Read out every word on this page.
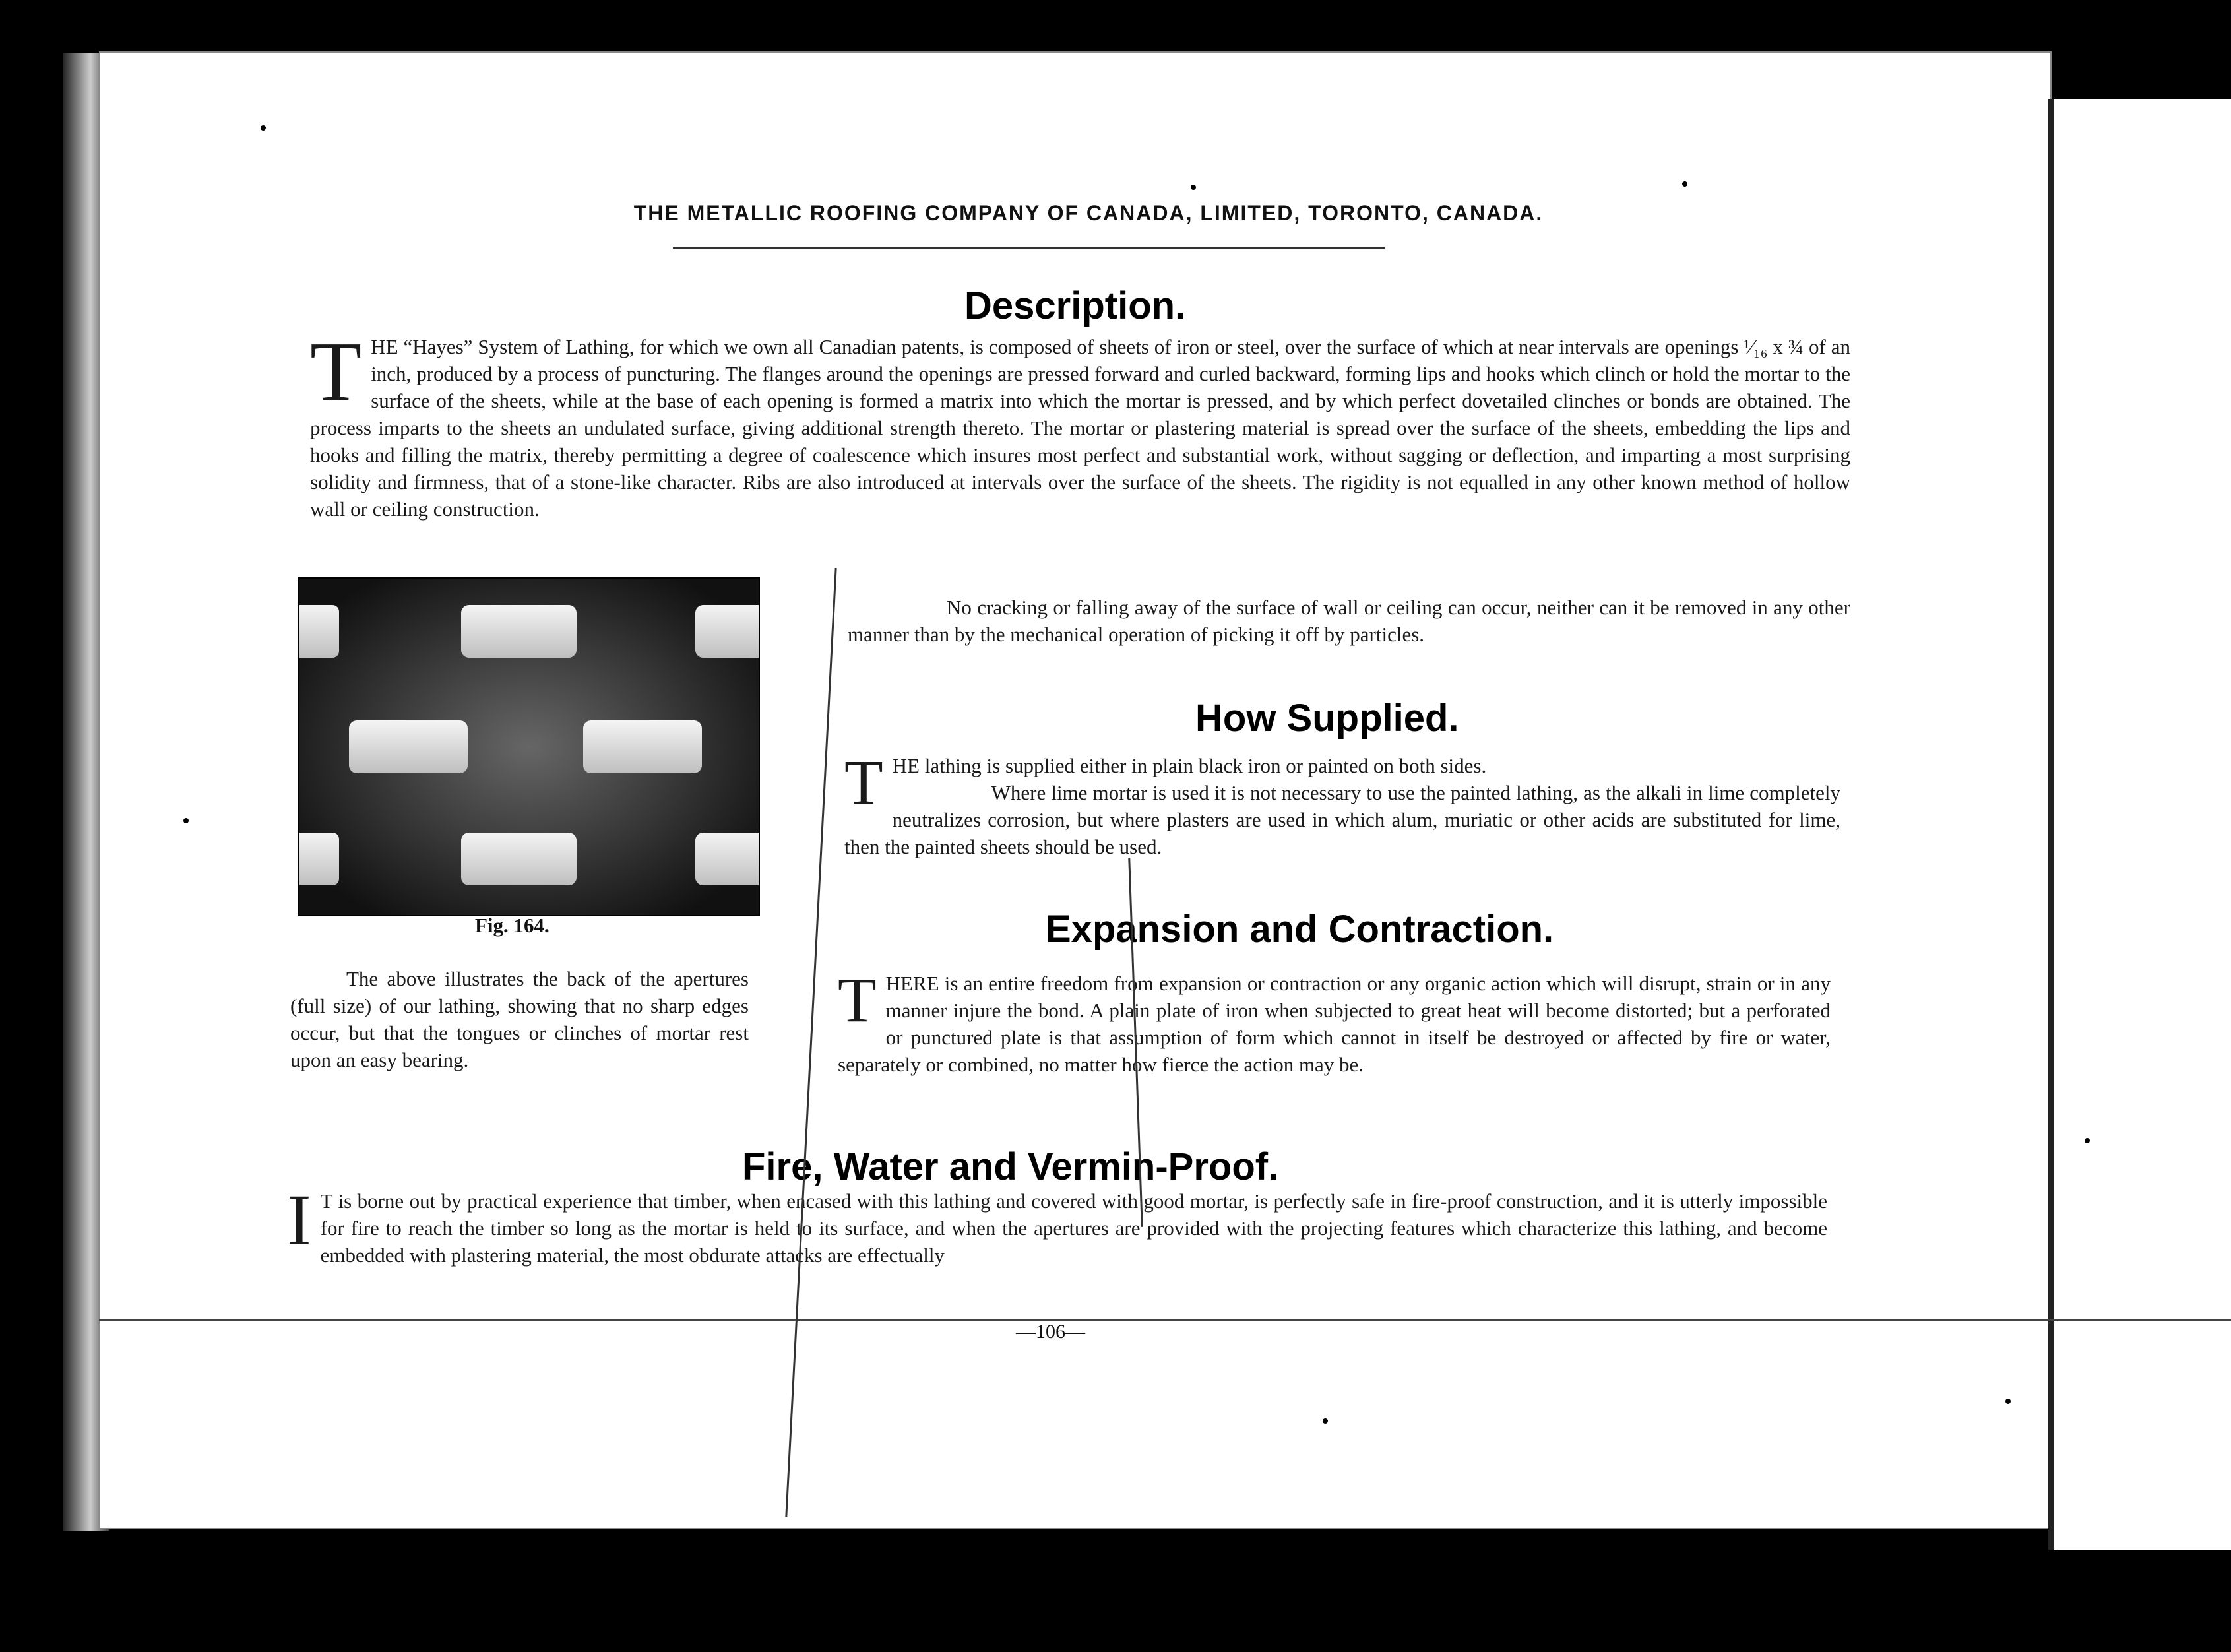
THE METALLIC ROOFING COMPANY OF CANADA, LIMITED, TORONTO, CANADA.
Description.

THE “Hayes” System of Lathing, for which we own all Canadian patents, is composed of sheets of iron or steel, over the surface of which at near intervals are openings ¹⁄₁₆ x ¾ of an inch, produced by a process of puncturing. The flanges around the openings are pressed forward and curled backward, forming lips and hooks which clinch or hold the mortar to the surface of the sheets, while at the base of each opening is formed a matrix into which the mortar is pressed, and by which perfect dovetailed clinches or bonds are obtained. The process imparts to the sheets an undulated surface, giving additional strength thereto. The mortar or plastering material is spread over the surface of the sheets, embedding the lips and hooks and filling the matrix, thereby permitting a degree of coalescence which insures most perfect and substantial work, without sagging or deflection, and imparting a most surprising solidity and firmness, that of a stone-like character. Ribs are also introduced at intervals over the surface of the sheets. The rigidity is not equalled in any other known method of hollow wall or ceiling construction.

No cracking or falling away of the surface of wall or ceiling can occur, neither can it be removed in any other manner than by the mechanical operation of picking it off by particles.

Fig. 164.

The above illustrates the back of the apertures (full size) of our lathing, showing that no sharp edges occur, but that the tongues or clinches of mortar rest upon an easy bearing.

How Supplied.

THE lathing is supplied either in plain black iron or painted on both sides.
Where lime mortar is used it is not necessary to use the painted lathing, as the alkali in lime completely neutralizes corrosion, but where plasters are used in which alum, muriatic or other acids are substituted for lime, then the painted sheets should be used.

Expansion and Contraction.

THERE is an entire freedom from expansion or contraction or any organic action which will disrupt, strain or in any manner injure the bond. A plain plate of iron when subjected to great heat will become distorted; but a perforated or punctured plate is that assumption of form which cannot in itself be destroyed or affected by fire or water, separately or combined, no matter how fierce the action may be.

Fire, Water and Vermin-Proof.

I T is borne out by practical experience that timber, when encased with this lathing and covered with good mortar, is perfectly safe in fire-proof construction, and it is utterly impossible for fire to reach the timber so long as the mortar is held to its surface, and when the apertures are provided with the projecting features which characterize this lathing, and become embedded with plastering material, the most obdurate attacks are effectually

—106—
